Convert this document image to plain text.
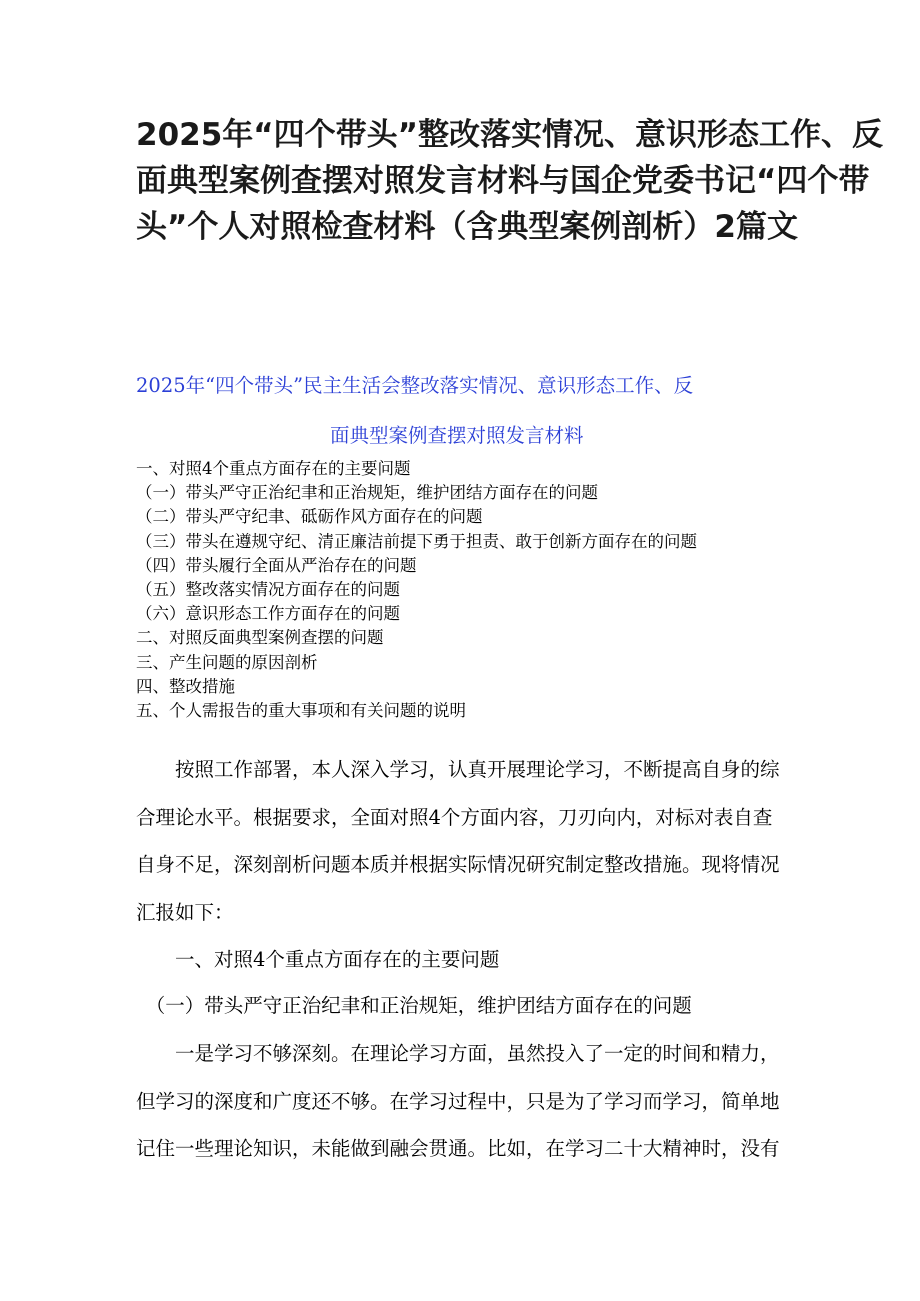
2025年“四个带头”整改落实情况、意识形态工作、反
面典型案例查摆对照发言材料与国企党委书记“四个带
头”个人对照检查材料（含典型案例剖析）2篇文
2025年“四个带头”民主生活会整改落实情况、意识形态工作、反
面典型案例查摆对照发言材料
一、对照4个重点方面存在的主要问题
（一）带头严守正治纪聿和正治规矩，维护团结方面存在的问题
（二）带头严守纪聿、砥砺作风方面存在的问题
（三）带头在遵规守纪、清正廉洁前提下勇于担责、敢于创新方面存在的问题
（四）带头履行全面从严治存在的问题
（五）整改落实情况方面存在的问题
（六）意识形态工作方面存在的问题
二、对照反面典型案例查摆的问题
三、产生问题的原因剖析
四、整改措施
五、个人需报告的重大事项和有关问题的说明

　　按照工作部署，本人深入学习，认真开展理论学习，不断提高自身的综
合理论水平。根据要求，全面对照4个方面内容，刀刃向内，对标对表自查
自身不足，深刻剖析问题本质并根据实际情况研究制定整改措施。现将情况
汇报如下：

　　一、对照4个重点方面存在的主要问题

　（一）带头严守正治纪聿和正治规矩，维护团结方面存在的问题

　　一是学习不够深刻。在理论学习方面，虽然投入了一定的时间和精力，
但学习的深度和广度还不够。在学习过程中，只是为了学习而学习，简单地
记住一些理论知识，未能做到融会贯通。比如，在学习二十大精神时，没有
